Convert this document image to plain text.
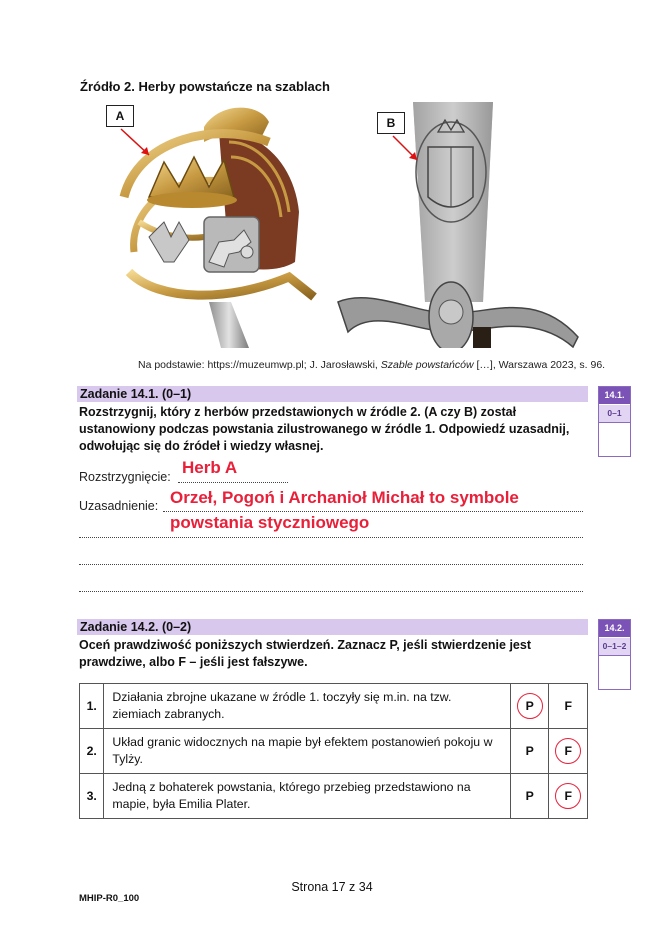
Źródło 2. Herby powstańcze na szablach
A	B
Na podstawie: https://muzeumwp.pl; J. Jarosławski, Szable powstańców […], Warszawa 2023, s. 96.
Zadanie 14.1. (0–1)	14.1.
0–1
Rozstrzygnij, który z herbów przedstawionych w źródle 2. (A czy B) został ustanowiony podczas powstania zilustrowanego w źródle 1. Odpowiedź uzasadnij, odwołując się do źródeł i wiedzy własnej.
Rozstrzygnięcie: Herb A
Uzasadnienie: Orzeł, Pogoń i Archanioł Michał to symbole
powstania styczniowego
Zadanie 14.2. (0–2)	14.2.
0–1–2
Oceń prawdziwość poniższych stwierdzeń. Zaznacz P, jeśli stwierdzenie jest prawdziwe, albo F – jeśli jest fałszywe.
1.	Działania zbrojne ukazane w źródle 1. toczyły się m.in. na tzw. ziemiach zabranych.	P	F
2.	Układ granic widocznych na mapie był efektem postanowień pokoju w Tylży.	P	F
3.	Jedną z bohaterek powstania, którego przebieg przedstawiono na mapie, była Emilia Plater.	P	F
Strona 17 z 34
MHIP-R0_100
